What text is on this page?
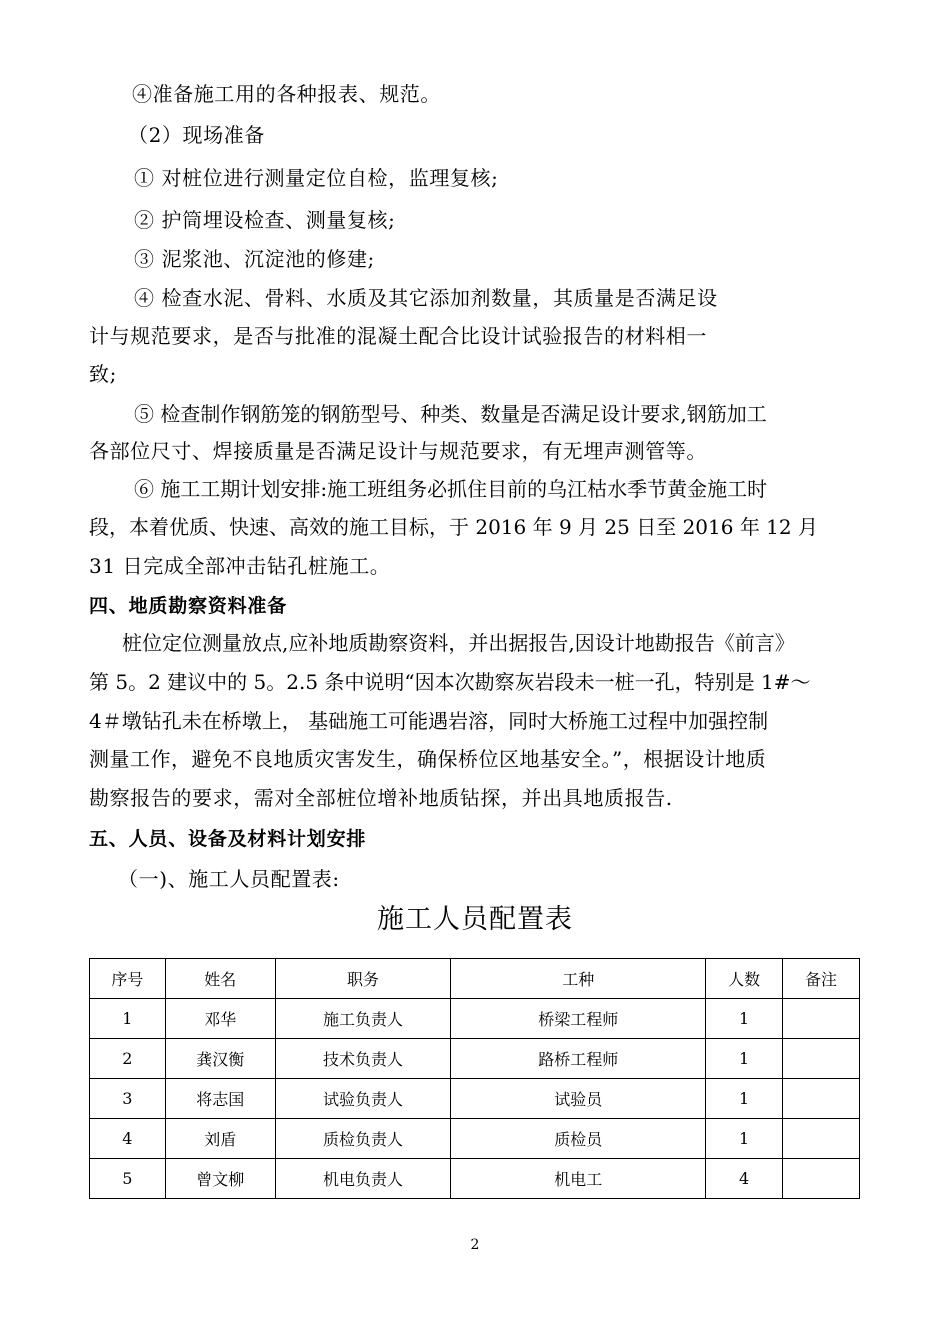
④准备施工用的各种报表、规范。
（2）现场准备
① 对桩位进行测量定位自检，监理复核;
② 护筒埋设检查、测量复核;
③ 泥浆池、沉淀池的修建;
④ 检查水泥、骨料、水质及其它添加剂数量，其质量是否满足设
计与规范要求，是否与批准的混凝土配合比设计试验报告的材料相一
致;
⑤ 检查制作钢筋笼的钢筋型号、种类、数量是否满足设计要求,钢筋加工
各部位尺寸、焊接质量是否满足设计与规范要求，有无埋声测管等。
⑥ 施工工期计划安排:施工班组务必抓住目前的乌江枯水季节黄金施工时
段，本着优质、快速、高效的施工目标，于 2016 年 9 月 25 日至 2016 年 12 月
31 日完成全部冲击钻孔桩施工。
四、地质勘察资料准备
桩位定位测量放点,应补地质勘察资料，并出据报告,因设计地勘报告《前言》
第 5。2 建议中的 5。2.5 条中说明“因本次勘察灰岩段未一桩一孔，特别是 1#～
4＃墩钻孔未在桥墩上， 基础施工可能遇岩溶，同时大桥施工过程中加强控制
测量工作，避免不良地质灾害发生，确保桥位区地基安全。”，根据设计地质
勘察报告的要求，需对全部桩位增补地质钻探，并出具地质报告.
五、人员、设备及材料计划安排
（一)、施工人员配置表:
施工人员配置表
序号	姓名	职务	工种	人数	备注
1	邓华	施工负责人	桥梁工程师	1	
2	龚汉衡	技术负责人	路桥工程师	1	
3	将志国	试验负责人	试验员	1	
4	刘盾	质检负责人	质检员	1	
5	曾文柳	机电负责人	机电工	4	
2
